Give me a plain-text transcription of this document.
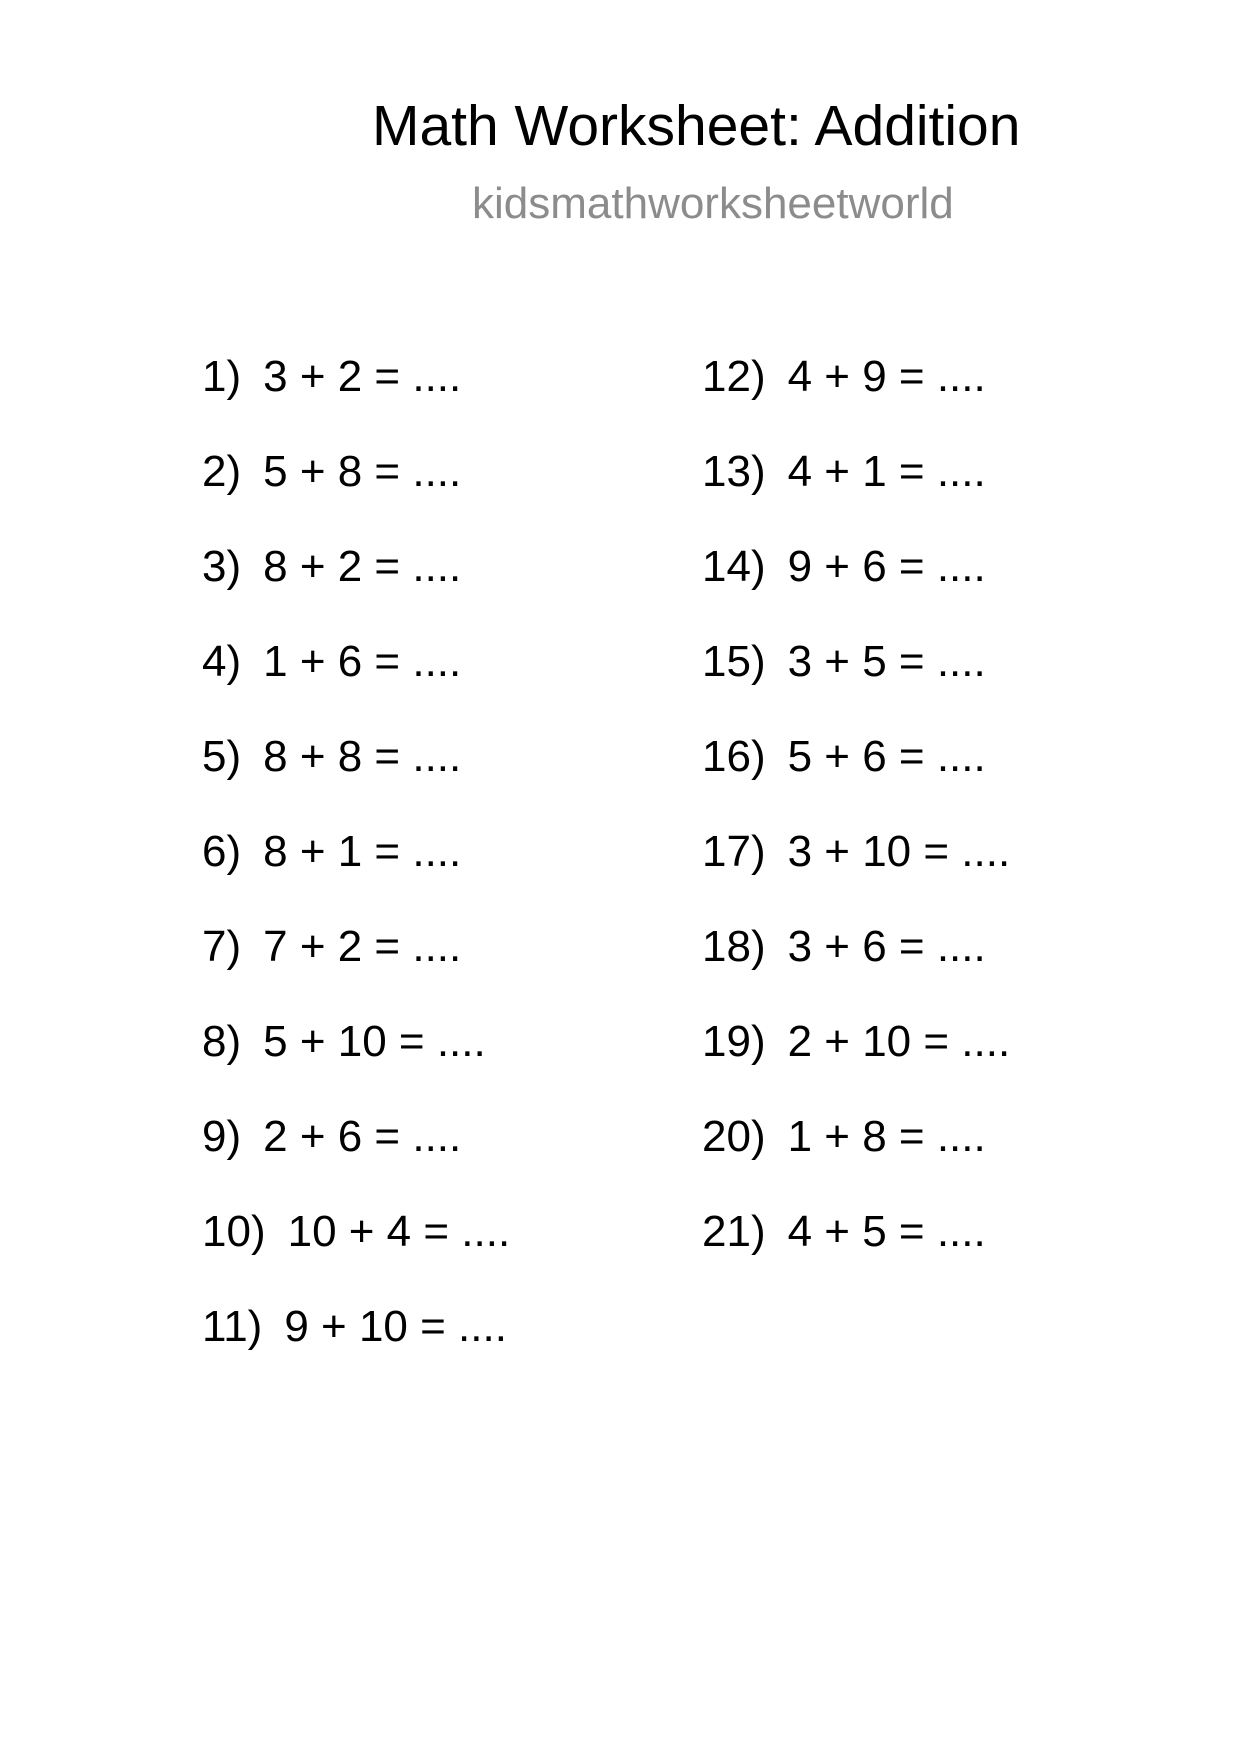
Math Worksheet: Addition
kidsmathworksheetworld
1) 3 + 2 = ....
2) 5 + 8 = ....
3) 8 + 2 = ....
4) 1 + 6 = ....
5) 8 + 8 = ....
6) 8 + 1 = ....
7) 7 + 2 = ....
8) 5 + 10 = ....
9) 2 + 6 = ....
10) 10 + 4 = ....
11) 9 + 10 = ....
12) 4 + 9 = ....
13) 4 + 1 = ....
14) 9 + 6 = ....
15) 3 + 5 = ....
16) 5 + 6 = ....
17) 3 + 10 = ....
18) 3 + 6 = ....
19) 2 + 10 = ....
20) 1 + 8 = ....
21) 4 + 5 = ....
